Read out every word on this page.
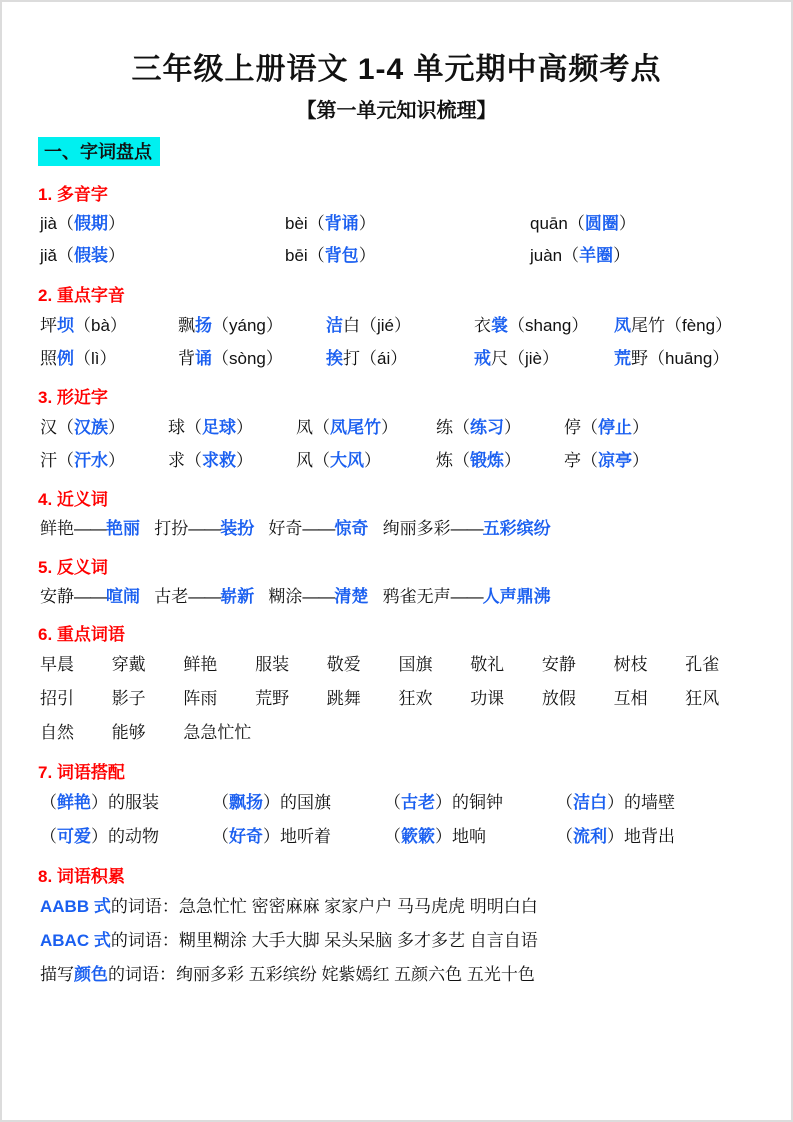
三年级上册语文 1-4 单元期中高频考点
【第一单元知识梳理】
一、字词盘点
1. 多音字
jià（假期）	bèi（背诵）	quān（圆圈）
jiǎ（假装）	bēi（背包）	juàn（羊圈）
2. 重点字音
坪坝（bà）	飘扬（yáng）	洁白（jié）	衣裳（shang）	凤尾竹（fèng）
照例（lì）	背诵（sòng）	挨打（ái）	戒尺（jiè）	荒野（huāng）
3. 形近字
汉（汉族）	球（足球）	凤（凤尾竹）	练（练习）	停（停止）
汗（汗水）	求（求救）	风（大风）	炼（锻炼）	亭（凉亭）
4. 近义词
鲜艳——艳丽 打扮——装扮 好奇——惊奇 绚丽多彩——五彩缤纷
5. 反义词
安静——喧闹 古老——崭新 糊涂——清楚 鸦雀无声——人声鼎沸
6. 重点词语
早晨	穿戴	鲜艳	服装	敬爱	国旗	敬礼	安静	树枝	孔雀
招引	影子	阵雨	荒野	跳舞	狂欢	功课	放假	互相	狂风
自然	能够	急急忙忙
7. 词语搭配
（鲜艳）的服装	（飘扬）的国旗	（古老）的铜钟	（洁白）的墙壁
（可爱）的动物	（好奇）地听着	（簌簌）地响	（流利）地背出
8. 词语积累
AABB 式的词语：急急忙忙 密密麻麻 家家户户 马马虎虎 明明白白
ABAC 式的词语：糊里糊涂 大手大脚 呆头呆脑 多才多艺 自言自语
描写颜色的词语：绚丽多彩 五彩缤纷 姹紫嫣红 五颜六色 五光十色
